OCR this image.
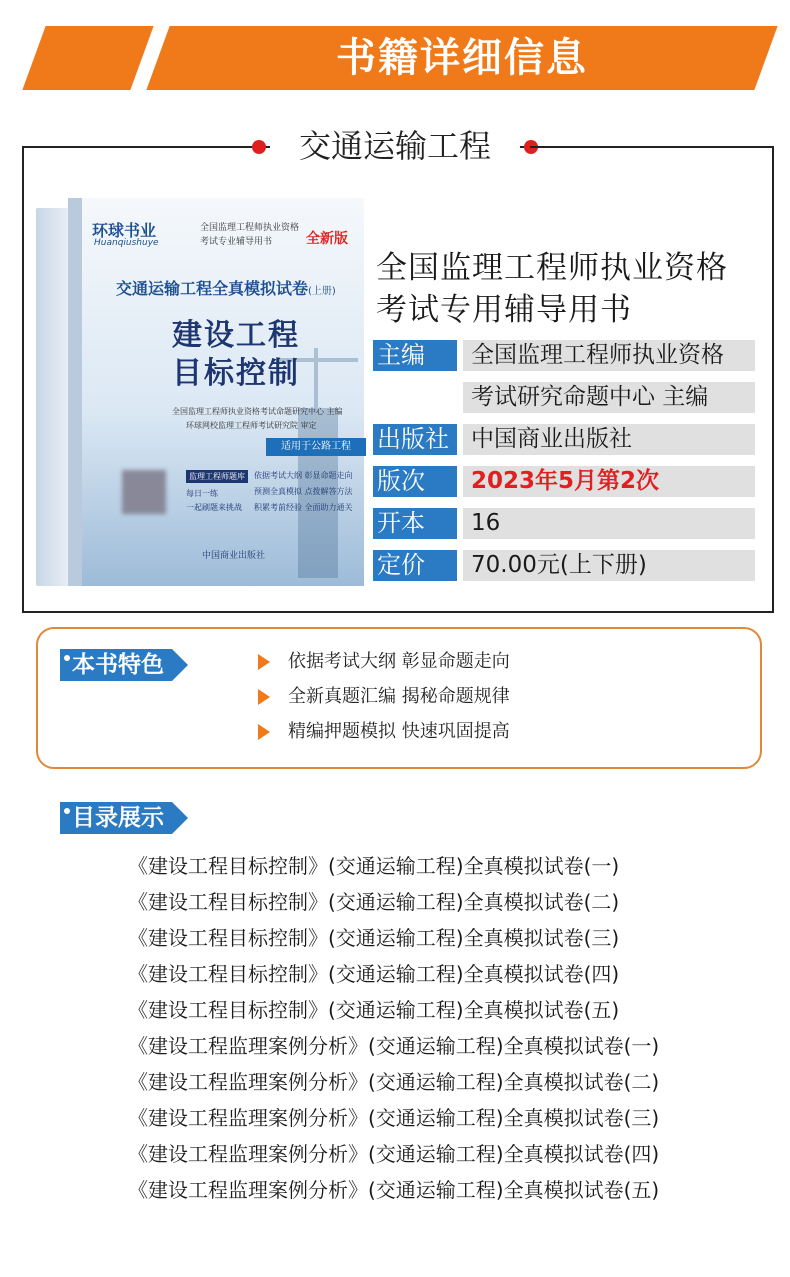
书籍详细信息
交通运输工程
环球书业
Huanqiushuye
全国监理工程师执业资格
考试专业辅导用书 全新版
交通运输工程全真模拟试卷 (上册)
建设工程
目标控制
全国监理工程师执业资格考试命题研究中心 主编
环球网校监理工程师考试研究院 审定
适用于公路工程
监理工程师题库
每日一练
一起刷题来挑战
依据考试大纲 彰显命题走向
预测全真模拟 点拨解答方法
积累考前经验 全面助力通关
中国商业出版社
全国监理工程师执业资格
考试专用辅导用书
主编	全国监理工程师执业资格
考试研究命题中心 主编
出版社 中国商业出版社
版次	2023年5月第2次
开本	16
定价	70.00元(上下册)
本书特色	依据考试大纲 彰显命题走向
全新真题汇编 揭秘命题规律
精编押题模拟 快速巩固提高
目录展示
《建设工程目标控制》(交通运输工程)全真模拟试卷(一)
《建设工程目标控制》(交通运输工程)全真模拟试卷(二)
《建设工程目标控制》(交通运输工程)全真模拟试卷(三)
《建设工程目标控制》(交通运输工程)全真模拟试卷(四)
《建设工程目标控制》(交通运输工程)全真模拟试卷(五)
《建设工程监理案例分析》(交通运输工程)全真模拟试卷(一)
《建设工程监理案例分析》(交通运输工程)全真模拟试卷(二)
《建设工程监理案例分析》(交通运输工程)全真模拟试卷(三)
《建设工程监理案例分析》(交通运输工程)全真模拟试卷(四)
《建设工程监理案例分析》(交通运输工程)全真模拟试卷(五)
